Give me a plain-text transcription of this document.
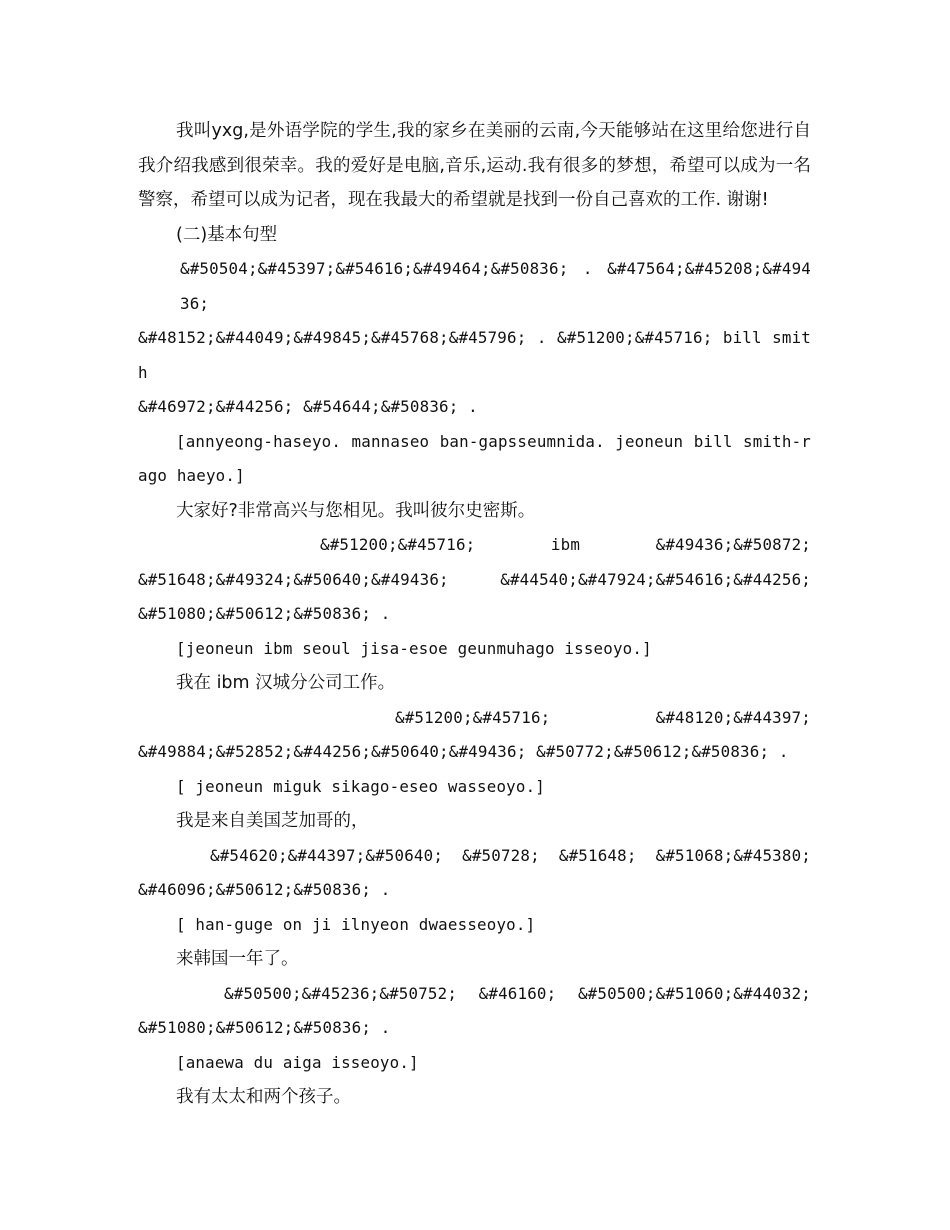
我叫yxg,是外语学院的学生,我的家乡在美丽的云南,今天能够站在这里给您进行自我介绍我感到很荣幸。我的爱好是电脑,音乐,运动.我有很多的梦想，希望可以成为一名警察，希望可以成为记者，现在我最大的希望就是找到一份自己喜欢的工作. 谢谢!

(二)基本句型

&#50504;&#45397;&#54616;&#49464;&#50836; . &#47564;&#45208;&#49436;

&#48152;&#44049;&#49845;&#45768;&#45796; . &#51200;&#45716; bill smith

&#46972;&#44256; &#54644;&#50836; .

[annyeong-haseyo. mannaseo ban-gapsseumnida. jeoneun bill smith-rago haeyo.]

大家好?非常高兴与您相见。我叫彼尔史密斯。

&#51200;&#45716; ibm &#49436;&#50872;

&#51648;&#49324;&#50640;&#49436; &#44540;&#47924;&#54616;&#44256;

&#51080;&#50612;&#50836; .

[jeoneun ibm seoul jisa-esoe geunmuhago isseoyo.]

我在 ibm 汉城分公司工作。

&#51200;&#45716; &#48120;&#44397;

&#49884;&#52852;&#44256;&#50640;&#49436; &#50772;&#50612;&#50836; .

[ jeoneun miguk sikago-eseo wasseoyo.]

我是来自美国芝加哥的，

&#54620;&#44397;&#50640; &#50728; &#51648; &#51068;&#45380;

&#46096;&#50612;&#50836; .

[ han-guge on ji ilnyeon dwaesseoyo.]

来韩国一年了。

&#50500;&#45236;&#50752; &#46160; &#50500;&#51060;&#44032;

&#51080;&#50612;&#50836; .

[anaewa du aiga isseoyo.]

我有太太和两个孩子。
